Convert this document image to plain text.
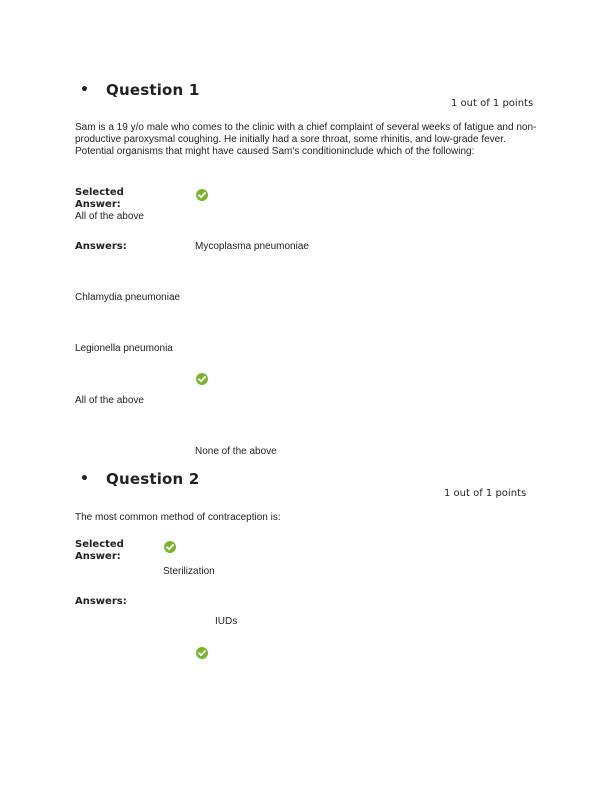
• Question 1
1 out of 1 points
Sam is a 19 y/o male who comes to the clinic with a chief complaint of several weeks of fatigue and non-productive paroxysmal coughing. He initially had a sore throat, some rhinitis, and low-grade fever. Potential organisms that might have caused Sam's conditioninclude which of the following:
Selected Answer:
All of the above
Answers:	Mycoplasma pneumoniae
Chlamydia pneumoniae
Legionella pneumonia
All of the above
None of the above
• Question 2
1 out of 1 points
The most common method of contraception is:
Selected Answer:
Sterilization
Answers:
IUDs
